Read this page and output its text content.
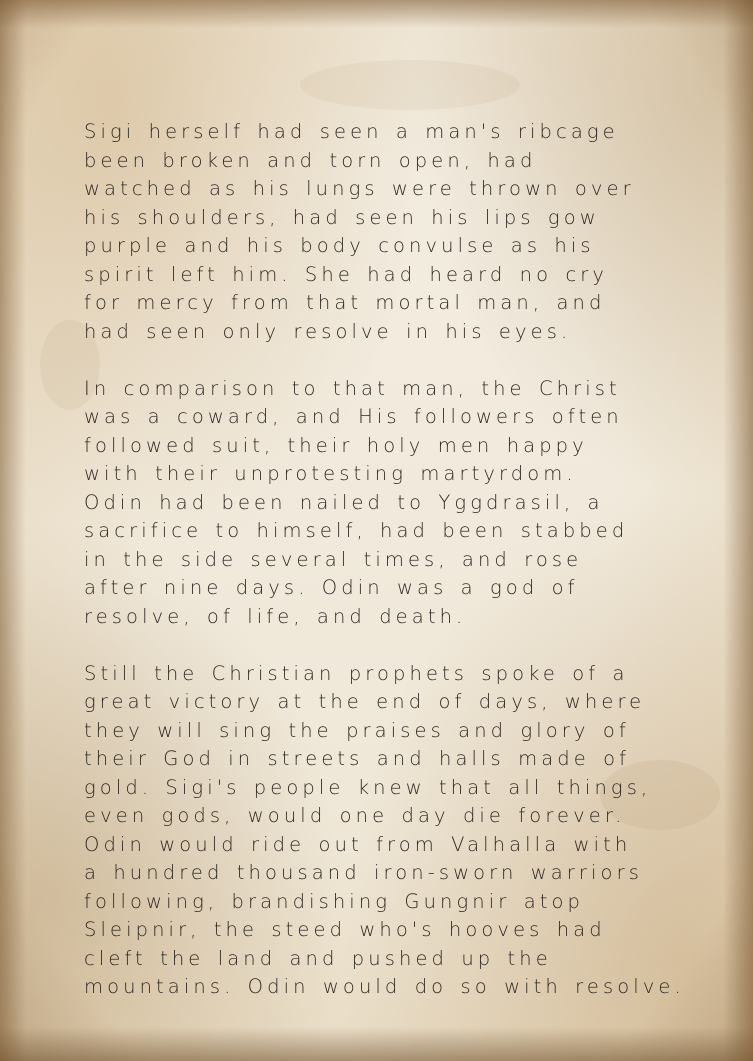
Sigi herself had seen a man's ribcage
been broken and torn open, had
watched as his lungs were thrown over
his shoulders, had seen his lips gow
purple and his body convulse as his
spirit left him. She had heard no cry
for mercy from that mortal man, and
had seen only resolve in his eyes.
In comparison to that man, the Christ
was a coward, and His followers often
followed suit, their holy men happy
with their unprotesting martyrdom.
Odin had been nailed to Yggdrasil, a
sacrifice to himself, had been stabbed
in the side several times, and rose
after nine days. Odin was a god of
resolve, of life, and death.
Still the Christian prophets spoke of a
great victory at the end of days, where
they will sing the praises and glory of
their God in streets and halls made of
gold. Sigi's people knew that all things,
even gods, would one day die forever.
Odin would ride out from Valhalla with
a hundred thousand iron-sworn warriors
following, brandishing Gungnir atop
Sleipnir, the steed who's hooves had
cleft the land and pushed up the
mountains. Odin would do so with resolve.
